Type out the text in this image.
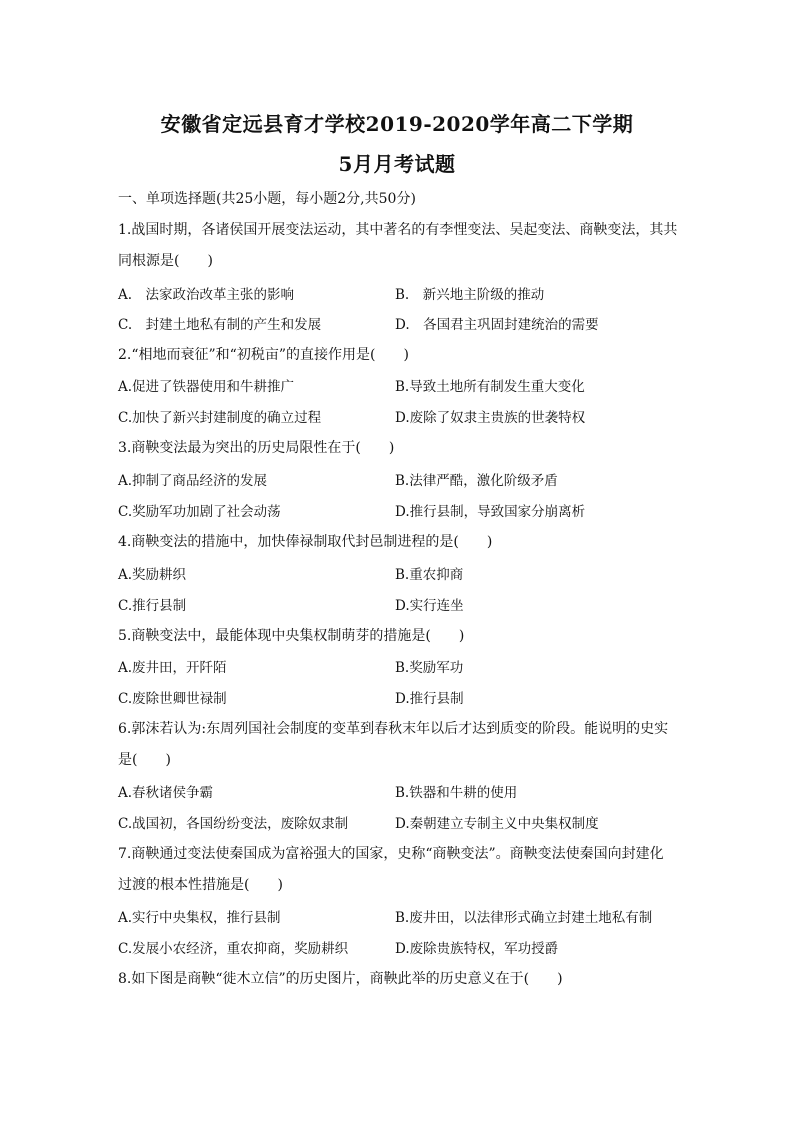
安徽省定远县育才学校2019-2020学年高二下学期
5月月考试题
一、单项选择题(共25小题，每小题2分,共50分)
1.战国时期，各诸侯国开展变法运动，其中著名的有李悝变法、吴起变法、商鞅变法，其共
同根源是(　　)
A.　法家政治改革主张的影响	B.　新兴地主阶级的推动
C.　封建土地私有制的产生和发展	D.　各国君主巩固封建统治的需要
2.“相地而衰征”和“初税亩”的直接作用是(　　)
A.促进了铁器使用和牛耕推广	B.导致土地所有制发生重大变化
C.加快了新兴封建制度的确立过程	D.废除了奴隶主贵族的世袭特权
3.商鞅变法最为突出的历史局限性在于(　　)
A.抑制了商品经济的发展	B.法律严酷，激化阶级矛盾
C.奖励军功加剧了社会动荡	D.推行县制，导致国家分崩离析
4.商鞅变法的措施中，加快俸禄制取代封邑制进程的是(　　)
A.奖励耕织	B.重农抑商
C.推行县制	D.实行连坐
5.商鞅变法中，最能体现中央集权制萌芽的措施是(　　)
A.废井田，开阡陌	B.奖励军功
C.废除世卿世禄制	D.推行县制
6.郭沫若认为:东周列国社会制度的变革到春秋末年以后才达到质变的阶段。能说明的史实
是(　　)
A.春秋诸侯争霸	B.铁器和牛耕的使用
C.战国初，各国纷纷变法，废除奴隶制	D.秦朝建立专制主义中央集权制度
7.商鞅通过变法使秦国成为富裕强大的国家，史称“商鞅变法”。商鞅变法使秦国向封建化
过渡的根本性措施是(　　)
A.实行中央集权，推行县制	B.废井田，以法律形式确立封建土地私有制
C.发展小农经济，重农抑商，奖励耕织	D.废除贵族特权，军功授爵
8.如下图是商鞅“徙木立信”的历史图片，商鞅此举的历史意义在于(　　)
